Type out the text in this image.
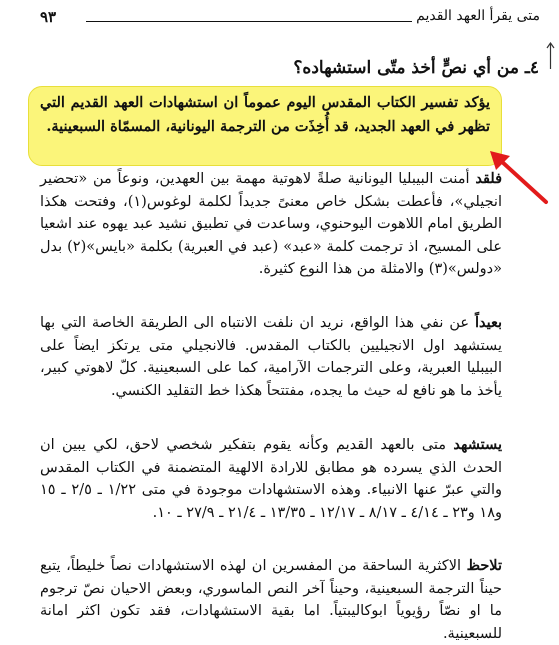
متى يقرأ العهد القديم
٩٣
٤ـ من أي نصٍّ أخذ متّى استشهاده؟
يؤكد تفسير الكتاب المقدس اليوم عموماً ان استشهادات العهد القديم التي تظهر في العهد الجديد، قد أُخِذَت من الترجمة اليونانية، المسمّاة السبعينية.
فلقد أمنت البيبليا اليونانية صلةً لاهوتية مهمة بين العهدين، ونوعاً من «تحضير انجيلي»، فأعطت بشكل خاص معنىً جديداً لكلمة لوغوس(١)، وفتحت هكذا الطريق امام اللاهوت اليوحنوي، وساعدت في تطبيق نشيد عبد يهوه عند اشعيا على المسيح، اذ ترجمت كلمة «عبد» (عبد في العبرية) بكلمة «بايس»(٢) بدل «دولس»(٣) والامثلة من هذا النوع كثيرة.
بعيداً عن نفي هذا الواقع، نريد ان نلفت الانتباه الى الطريقة الخاصة التي بها يستشهد اول الانجيليين بالكتاب المقدس. فالانجيلي متى يرتكز ايضاً على البيبليا العبرية، وعلى الترجمات الآرامية، كما على السبعينية. كلّ لاهوتي كبير، يأخذ ما هو نافع له حيث ما يجده، مفتتحاً هكذا خط التقليد الكنسي.
يستشهد متى بالعهد القديم وكأنه يقوم بتفكير شخصي لاحق، لكي يبين ان الحدث الذي يسرده هو مطابق للارادة الالهية المتضمنة في الكتاب المقدس والتي عبرّ عنها الانبياء. وهذه الاستشهادات موجودة في متى ١/٢٢ ـ ٢/٥ ـ ١٥ و١٨ و٢٣ ـ ٤/١٤ ـ ٨/١٧ ـ ١٢/١٧ ـ ١٣/٣٥ ـ ٢١/٤ ـ ٢٧/٩ ـ ١٠.
تلاحظ الاكثرية الساحقة من المفسرين ان لهذه الاستشهادات نصاً خليطاً، يتبع حيناً الترجمة السبعينية، وحيناً آخر النص الماسوري، وبعض الاحيان نصّ ترجوم ما او نصّاً رؤيوياً ابوكاليبتياً. اما بقية الاستشهادات، فقد تكون اكثر امانة للسبعينية.
